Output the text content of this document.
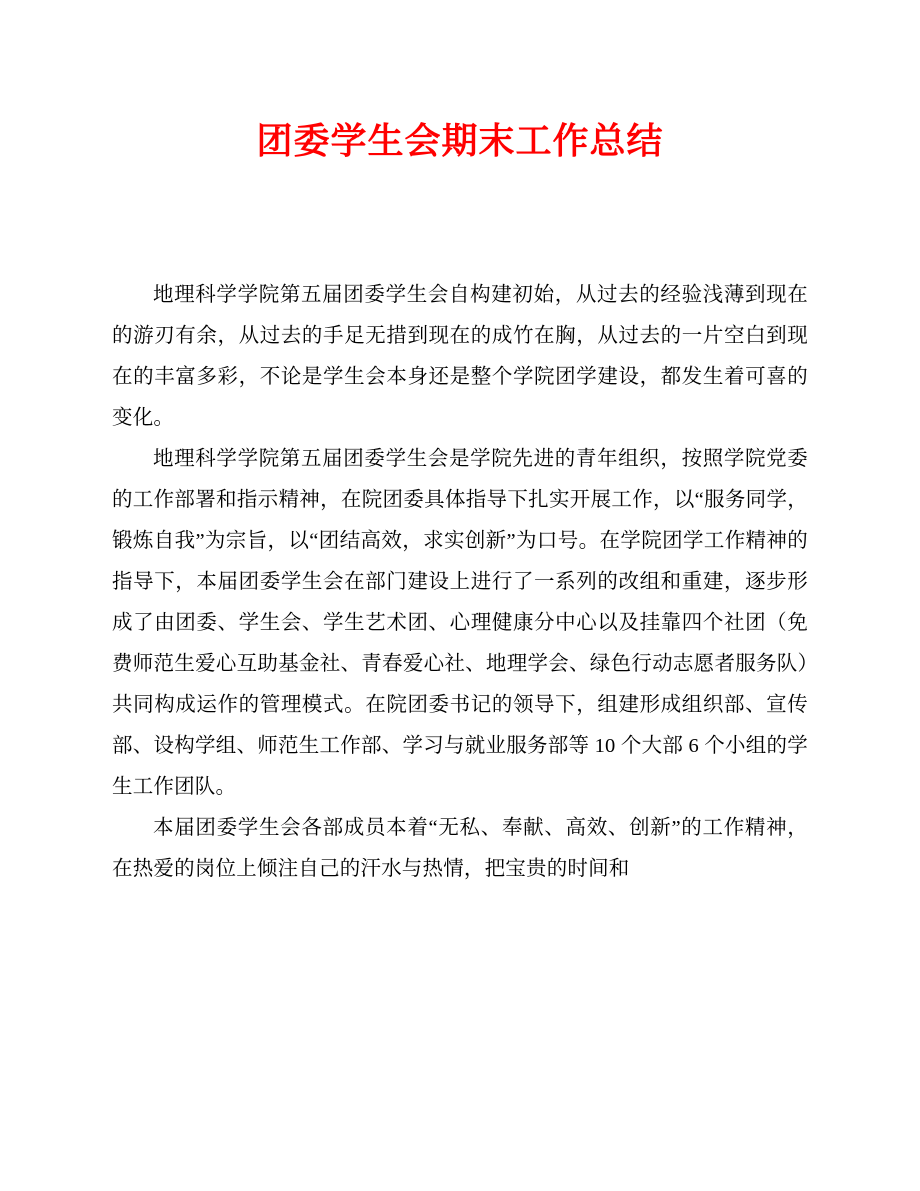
团委学生会期末工作总结

地理科学学院第五届团委学生会自构建初始，从过去的经验浅薄到现在的游刃有余，从过去的手足无措到现在的成竹在胸，从过去的一片空白到现在的丰富多彩，不论是学生会本身还是整个学院团学建设，都发生着可喜的变化。

地理科学学院第五届团委学生会是学院先进的青年组织，按照学院党委的工作部署和指示精神，在院团委具体指导下扎实开展工作，以“服务同学，锻炼自我”为宗旨，以“团结高效，求实创新”为口号。在学院团学工作精神的指导下，本届团委学生会在部门建设上进行了一系列的改组和重建，逐步形成了由团委、学生会、学生艺术团、心理健康分中心以及挂靠四个社团（免费师范生爱心互助基金社、青春爱心社、地理学会、绿色行动志愿者服务队）共同构成运作的管理模式。在院团委书记的领导下，组建形成组织部、宣传部、设构学组、师范生工作部、学习与就业服务部等 10 个大部 6 个小组的学生工作团队。

本届团委学生会各部成员本着“无私、奉献、高效、创新”的工作精神，在热爱的岗位上倾注自己的汗水与热情，把宝贵的时间和
